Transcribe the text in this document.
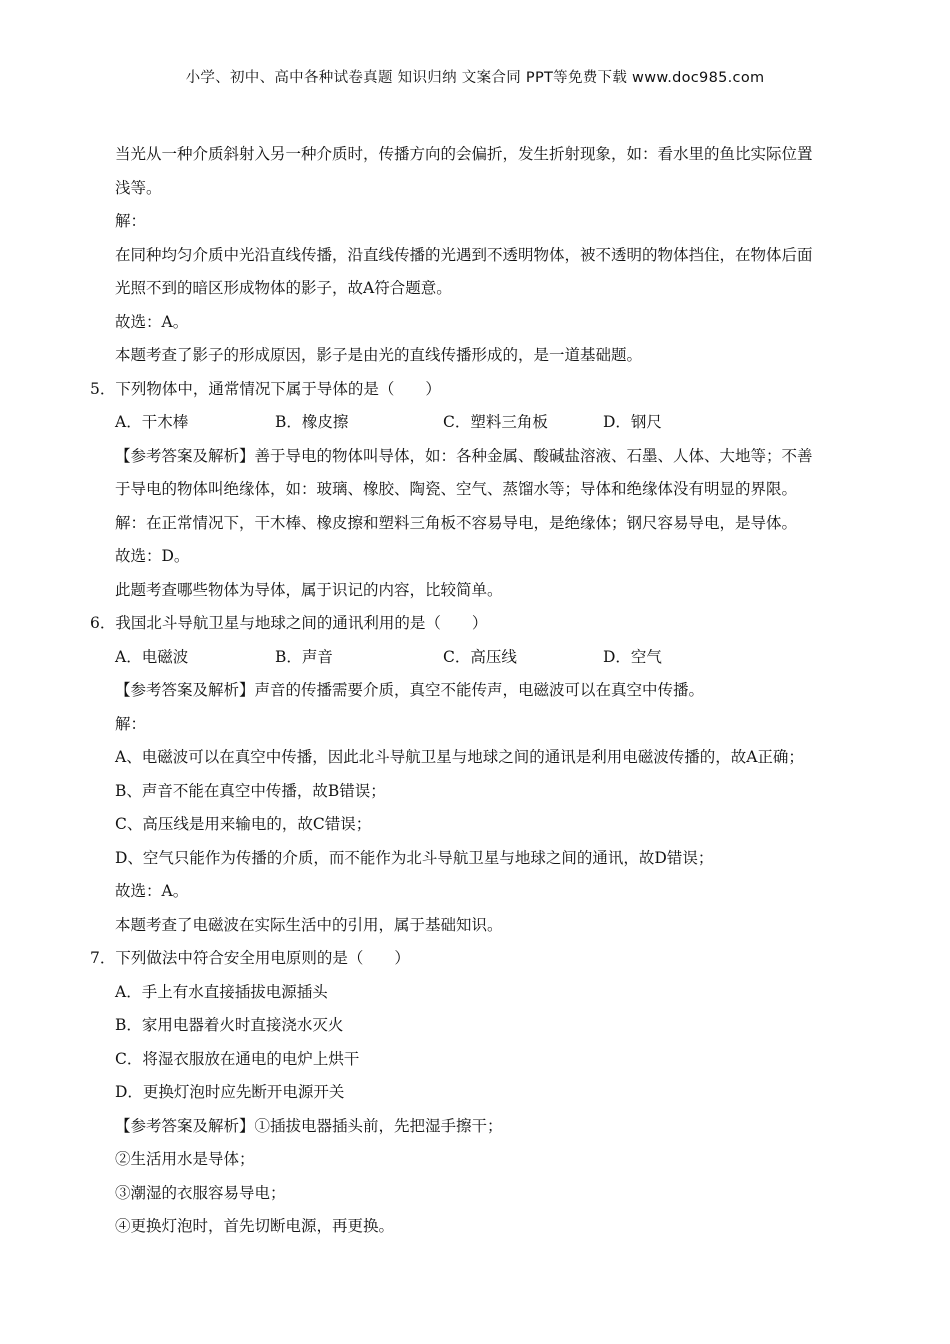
小学、初中、高中各种试卷真题 知识归纳 文案合同 PPT等免费下载 www.doc985.com
当光从一种介质斜射入另一种介质时，传播方向的会偏折，发生折射现象，如：看水里的鱼比实际位置
浅等。
解：
在同种均匀介质中光沿直线传播，沿直线传播的光遇到不透明物体，被不透明的物体挡住，在物体后面
光照不到的暗区形成物体的影子，故A符合题意。
故选：A。
本题考查了影子的形成原因，影子是由光的直线传播形成的，是一道基础题。
5．下列物体中，通常情况下属于导体的是（　　）
A．干木棒	B．橡皮擦	C．塑料三角板	D．钢尺
【参考答案及解析】善于导电的物体叫导体，如：各种金属、酸碱盐溶液、石墨、人体、大地等；不善
于导电的物体叫绝缘体，如：玻璃、橡胶、陶瓷、空气、蒸馏水等；导体和绝缘体没有明显的界限。
解：在正常情况下，干木棒、橡皮擦和塑料三角板不容易导电，是绝缘体；钢尺容易导电，是导体。
故选：D。
此题考查哪些物体为导体，属于识记的内容，比较简单。
6．我国北斗导航卫星与地球之间的通讯利用的是（　　）
A．电磁波	B．声音	C．高压线	D．空气
【参考答案及解析】声音的传播需要介质，真空不能传声，电磁波可以在真空中传播。
解：
A、电磁波可以在真空中传播，因此北斗导航卫星与地球之间的通讯是利用电磁波传播的，故A正确；
B、声音不能在真空中传播，故B错误；
C、高压线是用来输电的，故C错误；
D、空气只能作为传播的介质，而不能作为北斗导航卫星与地球之间的通讯，故D错误；
故选：A。
本题考查了电磁波在实际生活中的引用，属于基础知识。
7．下列做法中符合安全用电原则的是（　　）
A．手上有水直接插拔电源插头
B．家用电器着火时直接浇水灭火
C．将湿衣服放在通电的电炉上烘干
D．更换灯泡时应先断开电源开关
【参考答案及解析】①插拔电器插头前，先把湿手擦干；
②生活用水是导体；
③潮湿的衣服容易导电；
④更换灯泡时，首先切断电源，再更换。
